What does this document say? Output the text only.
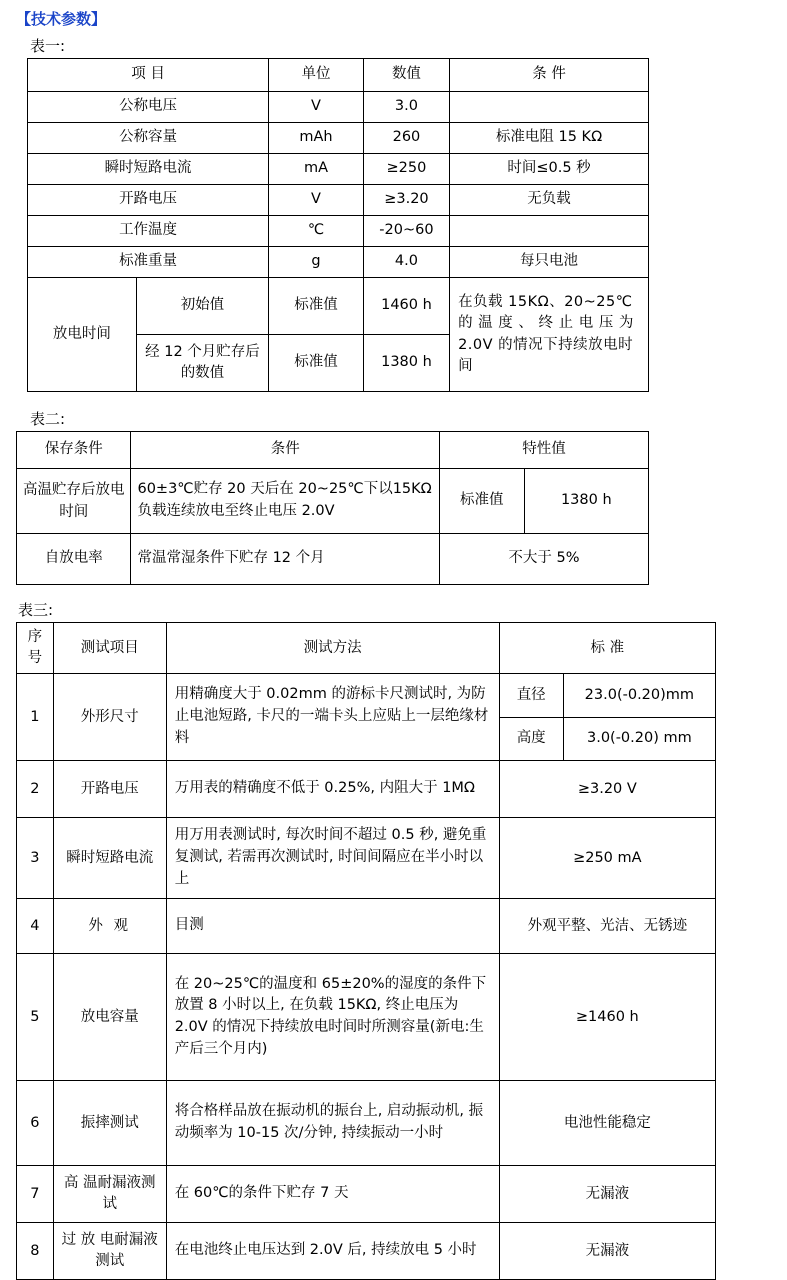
【技术参数】
表一:
项 目		单位	数值	条 件
公称电压		V	3.0	
公称容量		mAh	260	标准电阻 15 KΩ
瞬时短路电流		mA	≥250	时间≤0.5 秒
开路电压		V	≥3.20	无负载
工作温度		℃	-20~60	
标准重量		g	4.0	每只电池
放电时间	初始值	标准值	1460 h	在负载 15KΩ、20~25℃ 的 温 度 、 终 止 电 压 为 2.0V 的情况下持续放电时间
	经 12 个月贮存后的数值	标准值	1380 h	
表二:
保存条件	条件	特性值	
高温贮存后放电时间	60±3℃贮存 20 天后在 20~25℃下以15KΩ 负载连续放电至终止电压 2.0V	标准值	1380 h
自放电率	常温常湿条件下贮存 12 个月	不大于 5%	
表三:
序号	测试项目	测试方法	标 准	
1	外形尺寸	用精确度大于 0.02mm 的游标卡尺测试时, 为防止电池短路, 卡尺的一端卡头上应贴上一层绝缘材料	直径	23.0(-0.20)mm
			高度	3.0(-0.20) mm
2	开路电压	万用表的精确度不低于 0.25%, 内阻大于 1MΩ	≥3.20 V	
3	瞬时短路电流	用万用表测试时, 每次时间不超过 0.5 秒, 避免重复测试, 若需再次测试时, 时间间隔应在半小时以上	≥250 mA	
4	外 观	目测	外观平整、光洁、无锈迹	
5	放电容量	在 20~25℃的温度和 65±20%的湿度的条件下放置 8 小时以上, 在负载 15KΩ, 终止电压为 2.0V 的情况下持续放电时间时所测容量(新电:生产后三个月内)	≥1460 h	
6	振摔测试	将合格样品放在振动机的振台上, 启动振动机, 振动频率为 10-15 次/分钟, 持续振动一小时	电池性能稳定	
7	高 温耐漏液测试	在 60℃的条件下贮存 7 天	无漏液	
8	过 放 电耐漏液测试	在电池终止电压达到 2.0V 后, 持续放电 5 小时	无漏液	
